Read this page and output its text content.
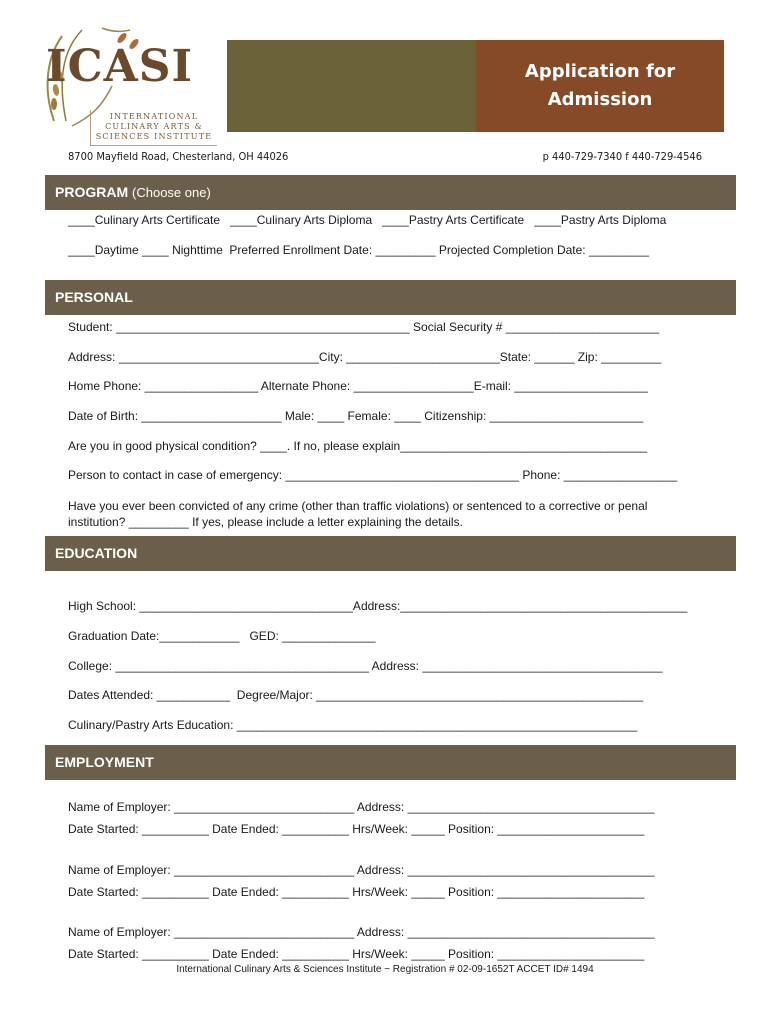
ICASI
INTERNATIONAL CULINARY ARTS & SCIENCES INSTITUTE
Application for
Admission
8700 Mayfield Road, Chesterland, OH 44026	p 440-729-7340 f 440-729-4546
PROGRAM (Choose one)
____Culinary Arts Certificate   ____Culinary Arts Diploma   ____Pastry Arts Certificate   ____Pastry Arts Diploma
____Daytime ____ Nighttime  Preferred Enrollment Date: _________ Projected Completion Date: _________
PERSONAL
Student: ____________________________________________ Social Security # _______________________
Address: ______________________________City: _______________________State: ______ Zip: _________
Home Phone: _________________ Alternate Phone: __________________E-mail: ____________________
Date of Birth: _____________________ Male: ____ Female: ____ Citizenship: _______________________
Are you in good physical condition? ____. If no, please explain_____________________________________
Person to contact in case of emergency: ___________________________________ Phone: _________________
Have you ever been convicted of any crime (other than traffic violations) or sentenced to a corrective or penal
institution? _________ If yes, please include a letter explaining the details.
EDUCATION
High School: ________________________________Address:___________________________________________
Graduation Date:____________   GED: ______________
College: ______________________________________ Address: ____________________________________
Dates Attended: ___________  Degree/Major: _________________________________________________
Culinary/Pastry Arts Education: ____________________________________________________________
EMPLOYMENT
Name of Employer: ___________________________ Address: _____________________________________
Date Started: __________ Date Ended: __________ Hrs/Week: _____ Position: ______________________
Name of Employer: ___________________________ Address: _____________________________________
Date Started: __________ Date Ended: __________ Hrs/Week: _____ Position: ______________________
Name of Employer: ___________________________ Address: _____________________________________
Date Started: __________ Date Ended: __________ Hrs/Week: _____ Position: ______________________
International Culinary Arts & Sciences Institute ~ Registration # 02-09-1652T ACCET ID# 1494
